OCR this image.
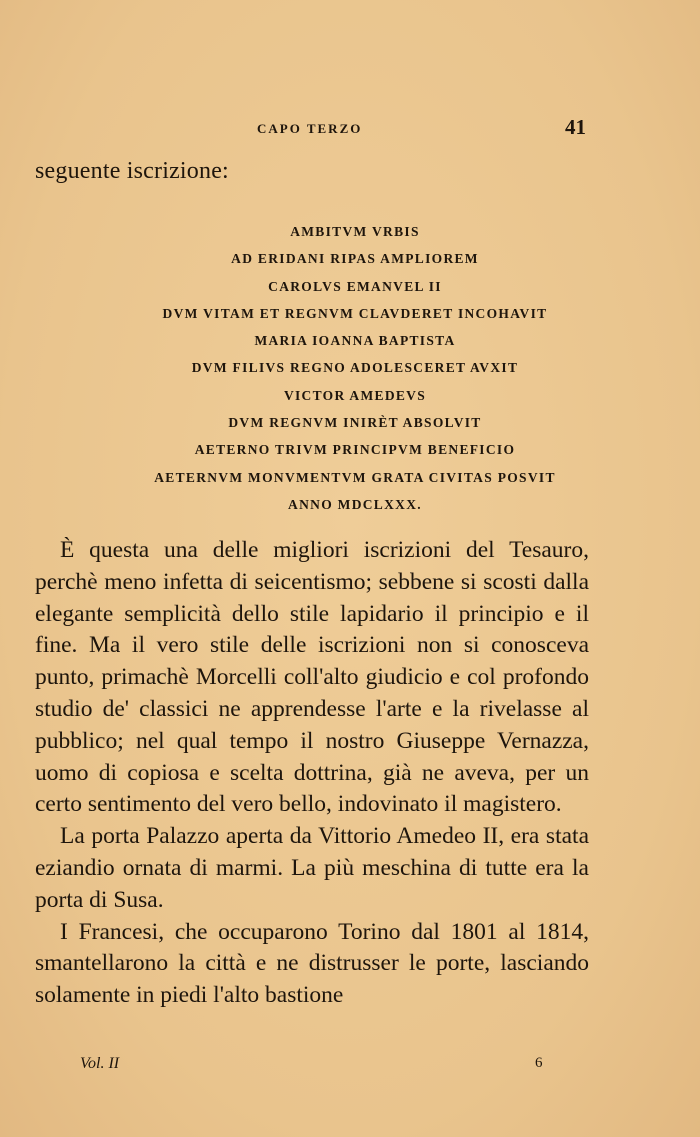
CAPO TERZO	41
seguente iscrizione:
AMBITVM VRBIS
AD ERIDANI RIPAS AMPLIOREM
CAROLVS EMANVEL II
DVM VITAM ET REGNVM CLAVDERET INCOHAVIT
MARIA IOANNA BAPTISTA
DVM FILIVS REGNO ADOLESCERET AVXIT
VICTOR AMEDEVS
DVM REGNVM INIRÈT ABSOLVIT
AETERNO TRIVM PRINCIPVM BENEFICIO
AETERNVM MONVMENTVM GRATA CIVITAS POSVIT
ANNO MDCLXXX.

È questa una delle migliori iscrizioni del Tesauro, perchè meno infetta di seicentismo; sebbene si scosti dalla elegante semplicità dello stile lapidario il principio e il fine. Ma il vero stile delle iscrizioni non si conosceva punto, primachè Morcelli coll'alto giudicio e col profondo studio de' classici ne apprendesse l'arte e la rivelasse al pubblico; nel qual tempo il nostro Giuseppe Vernazza, uomo di copiosa e scelta dottrina, già ne aveva, per un certo sentimento del vero bello, indovinato il magistero.

La porta Palazzo aperta da Vittorio Amedeo II, era stata eziandio ornata di marmi. La più meschina di tutte era la porta di Susa.

I Francesi, che occuparono Torino dal 1801 al 1814, smantellarono la città e ne distrusser le porte, lasciando solamente in piedi l'alto bastione

Vol. II	6
